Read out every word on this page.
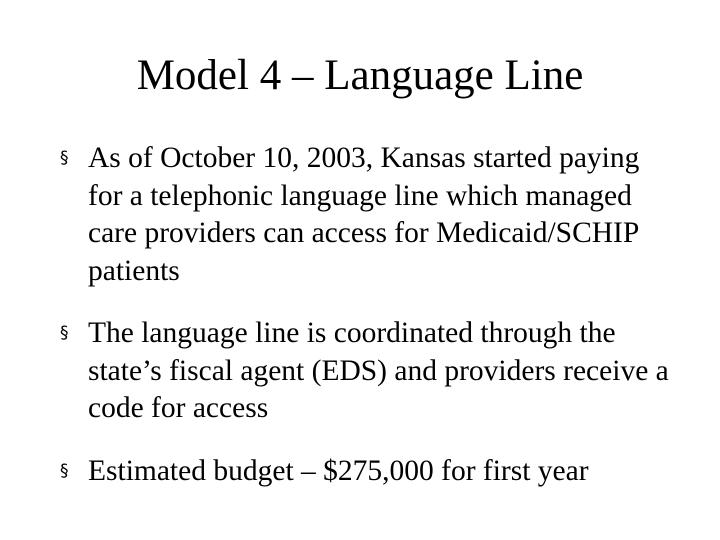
Model 4 – Language Line
§ As of October 10, 2003, Kansas started paying for a telephonic language line which managed care providers can access for Medicaid/SCHIP patients
§ The language line is coordinated through the state’s fiscal agent (EDS) and providers receive a code for access
§ Estimated budget – $275,000 for first year
